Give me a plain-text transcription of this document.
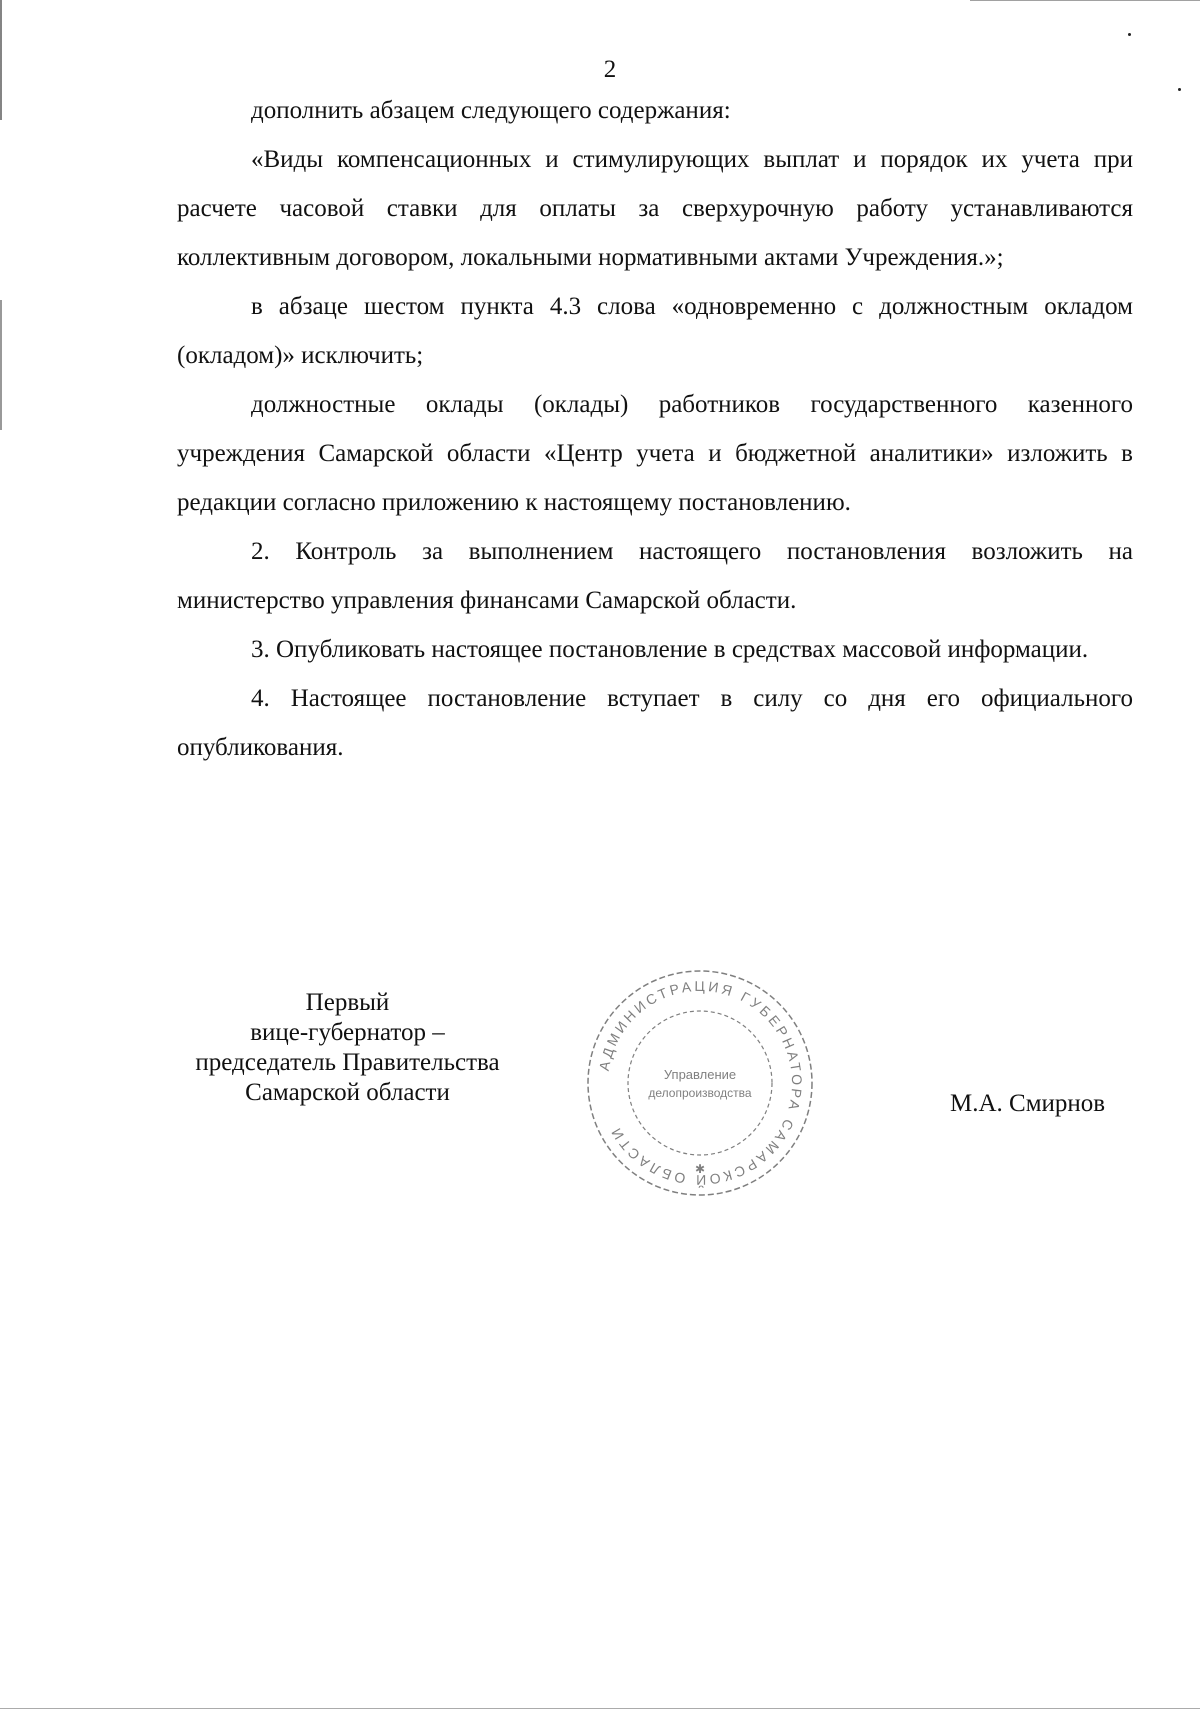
2

дополнить абзацем следующего содержания:

«Виды компенсационных и стимулирующих выплат и порядок их учета при расчете часовой ставки для оплаты за сверхурочную работу устанавливаются коллективным договором, локальными нормативными актами Учреждения.»;

в абзаце шестом пункта 4.3 слова «одновременно с должностным окладом (окладом)» исключить;

должностные оклады (оклады) работников государственного казенного учреждения Самарской области «Центр учета и бюджетной аналитики» изложить в редакции согласно приложению к настоящему постановлению.

2. Контроль за выполнением настоящего постановления возложить на министерство управления финансами Самарской области.

3. Опубликовать настоящее постановление в средствах массовой информации.

4. Настоящее постановление вступает в силу со дня его официального опубликования.

Первый
вице-губернатор –
председатель Правительства
Самарской области
АДМИНИСТРАЦИЯ ГУБЕРНАТОРА САМАРСКОЙ ОБЛАСТИ
Управление
делопроизводства
✱
М.А. Смирнов
